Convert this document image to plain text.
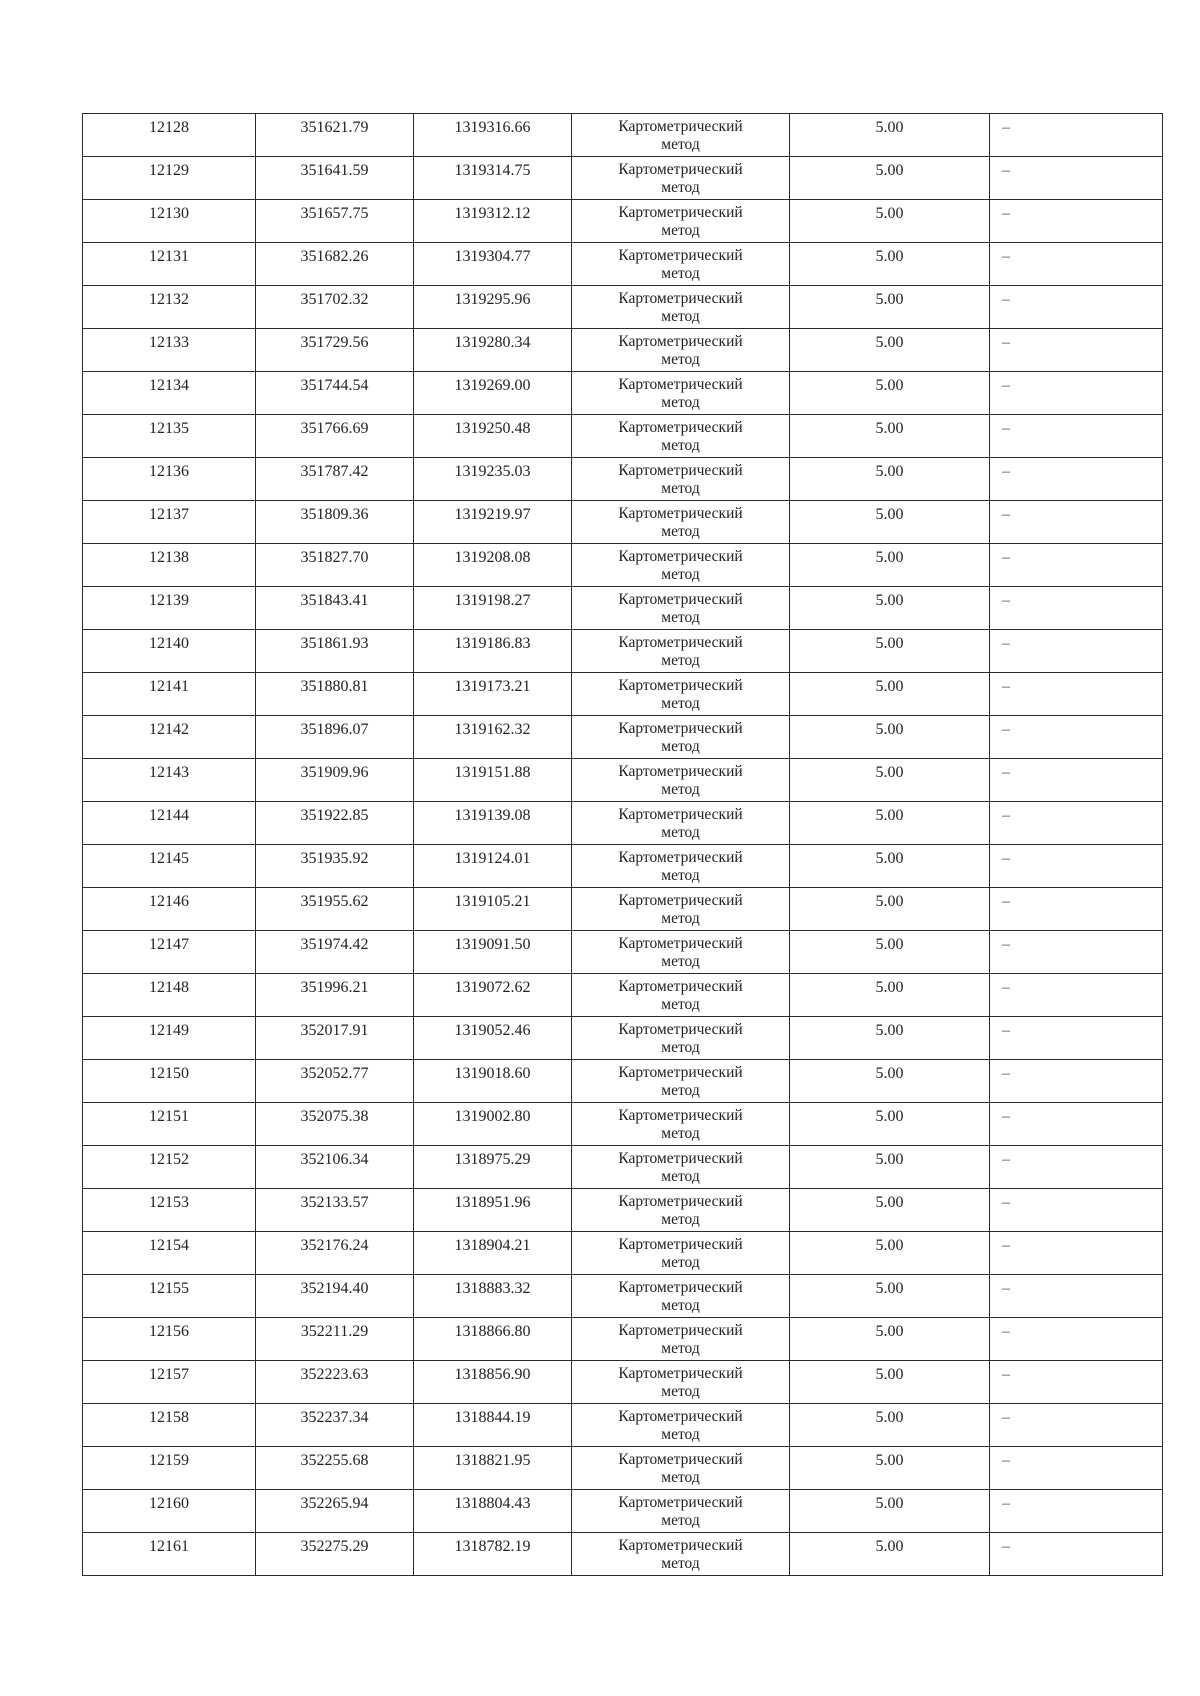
12128	351621.79	1319316.66	Картометрический метод	5.00	–
12129	351641.59	1319314.75	Картометрический метод	5.00	–
12130	351657.75	1319312.12	Картометрический метод	5.00	–
12131	351682.26	1319304.77	Картометрический метод	5.00	–
12132	351702.32	1319295.96	Картометрический метод	5.00	–
12133	351729.56	1319280.34	Картометрический метод	5.00	–
12134	351744.54	1319269.00	Картометрический метод	5.00	–
12135	351766.69	1319250.48	Картометрический метод	5.00	–
12136	351787.42	1319235.03	Картометрический метод	5.00	–
12137	351809.36	1319219.97	Картометрический метод	5.00	–
12138	351827.70	1319208.08	Картометрический метод	5.00	–
12139	351843.41	1319198.27	Картометрический метод	5.00	–
12140	351861.93	1319186.83	Картометрический метод	5.00	–
12141	351880.81	1319173.21	Картометрический метод	5.00	–
12142	351896.07	1319162.32	Картометрический метод	5.00	–
12143	351909.96	1319151.88	Картометрический метод	5.00	–
12144	351922.85	1319139.08	Картометрический метод	5.00	–
12145	351935.92	1319124.01	Картометрический метод	5.00	–
12146	351955.62	1319105.21	Картометрический метод	5.00	–
12147	351974.42	1319091.50	Картометрический метод	5.00	–
12148	351996.21	1319072.62	Картометрический метод	5.00	–
12149	352017.91	1319052.46	Картометрический метод	5.00	–
12150	352052.77	1319018.60	Картометрический метод	5.00	–
12151	352075.38	1319002.80	Картометрический метод	5.00	–
12152	352106.34	1318975.29	Картометрический метод	5.00	–
12153	352133.57	1318951.96	Картометрический метод	5.00	–
12154	352176.24	1318904.21	Картометрический метод	5.00	–
12155	352194.40	1318883.32	Картометрический метод	5.00	–
12156	352211.29	1318866.80	Картометрический метод	5.00	–
12157	352223.63	1318856.90	Картометрический метод	5.00	–
12158	352237.34	1318844.19	Картометрический метод	5.00	–
12159	352255.68	1318821.95	Картометрический метод	5.00	–
12160	352265.94	1318804.43	Картометрический метод	5.00	–
12161	352275.29	1318782.19	Картометрический метод	5.00	–
